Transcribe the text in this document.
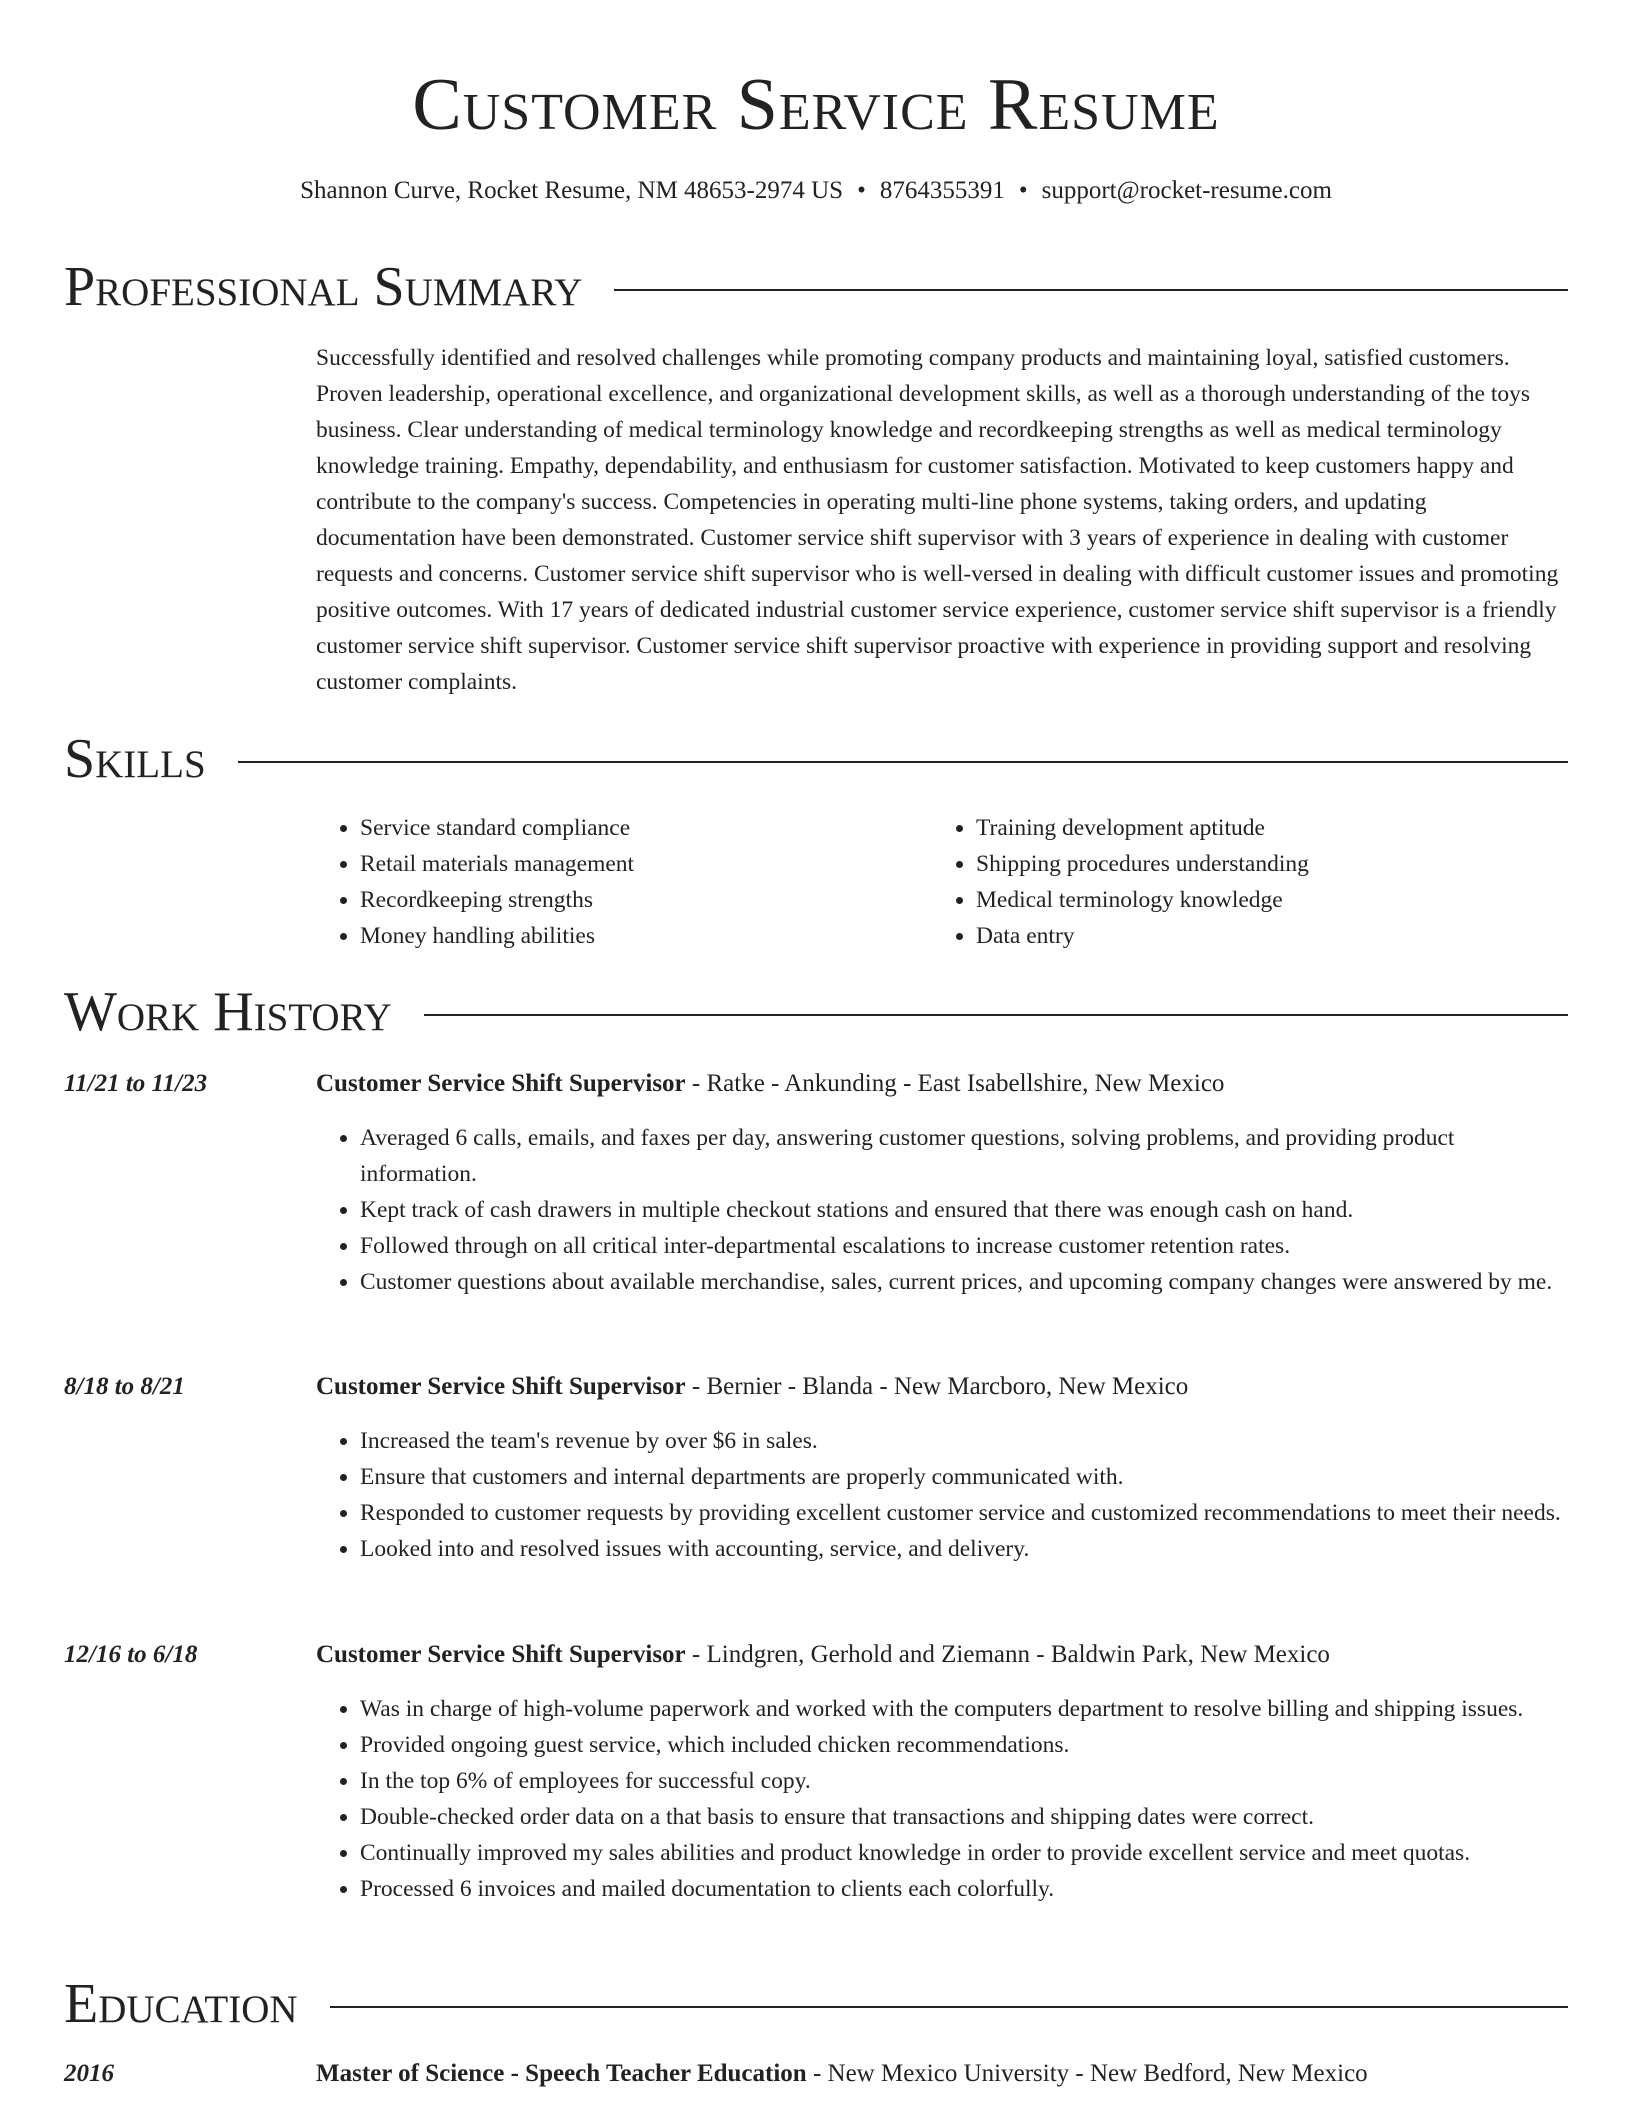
Customer Service Resume
Shannon Curve, Rocket Resume, NM 48653-2974 US • 8764355391 • support@rocket-resume.com
Professional Summary

Successfully identified and resolved challenges while promoting company products and maintaining loyal, satisfied customers. Proven leadership, operational excellence, and organizational development skills, as well as a thorough understanding of the toys business. Clear understanding of medical terminology knowledge and recordkeeping strengths as well as medical terminology knowledge training. Empathy, dependability, and enthusiasm for customer satisfaction. Motivated to keep customers happy and contribute to the company's success. Competencies in operating multi-line phone systems, taking orders, and updating documentation have been demonstrated. Customer service shift supervisor with 3 years of experience in dealing with customer requests and concerns. Customer service shift supervisor who is well-versed in dealing with difficult customer issues and promoting positive outcomes. With 17 years of dedicated industrial customer service experience, customer service shift supervisor is a friendly customer service shift supervisor. Customer service shift supervisor proactive with experience in providing support and resolving customer complaints.

Skills
• Service standard compliance
• Retail materials management
• Recordkeeping strengths
• Money handling abilities
• Training development aptitude
• Shipping procedures understanding
• Medical terminology knowledge
• Data entry
Work History
11/21 to 11/23	Customer Service Shift Supervisor - Ratke - Ankunding - East Isabellshire, New Mexico
• Averaged 6 calls, emails, and faxes per day, answering customer questions, solving problems, and providing product information.
• Kept track of cash drawers in multiple checkout stations and ensured that there was enough cash on hand.
• Followed through on all critical inter-departmental escalations to increase customer retention rates.
• Customer questions about available merchandise, sales, current prices, and upcoming company changes were answered by me.
8/18 to 8/21	Customer Service Shift Supervisor - Bernier - Blanda - New Marcboro, New Mexico
• Increased the team's revenue by over $6 in sales.
• Ensure that customers and internal departments are properly communicated with.
• Responded to customer requests by providing excellent customer service and customized recommendations to meet their needs.
• Looked into and resolved issues with accounting, service, and delivery.
12/16 to 6/18	Customer Service Shift Supervisor - Lindgren, Gerhold and Ziemann - Baldwin Park, New Mexico
• Was in charge of high-volume paperwork and worked with the computers department to resolve billing and shipping issues.
• Provided ongoing guest service, which included chicken recommendations.
• In the top 6% of employees for successful copy.
• Double-checked order data on a that basis to ensure that transactions and shipping dates were correct.
• Continually improved my sales abilities and product knowledge in order to provide excellent service and meet quotas.
• Processed 6 invoices and mailed documentation to clients each colorfully.
Education
2016	Master of Science - Speech Teacher Education - New Mexico University - New Bedford, New Mexico
